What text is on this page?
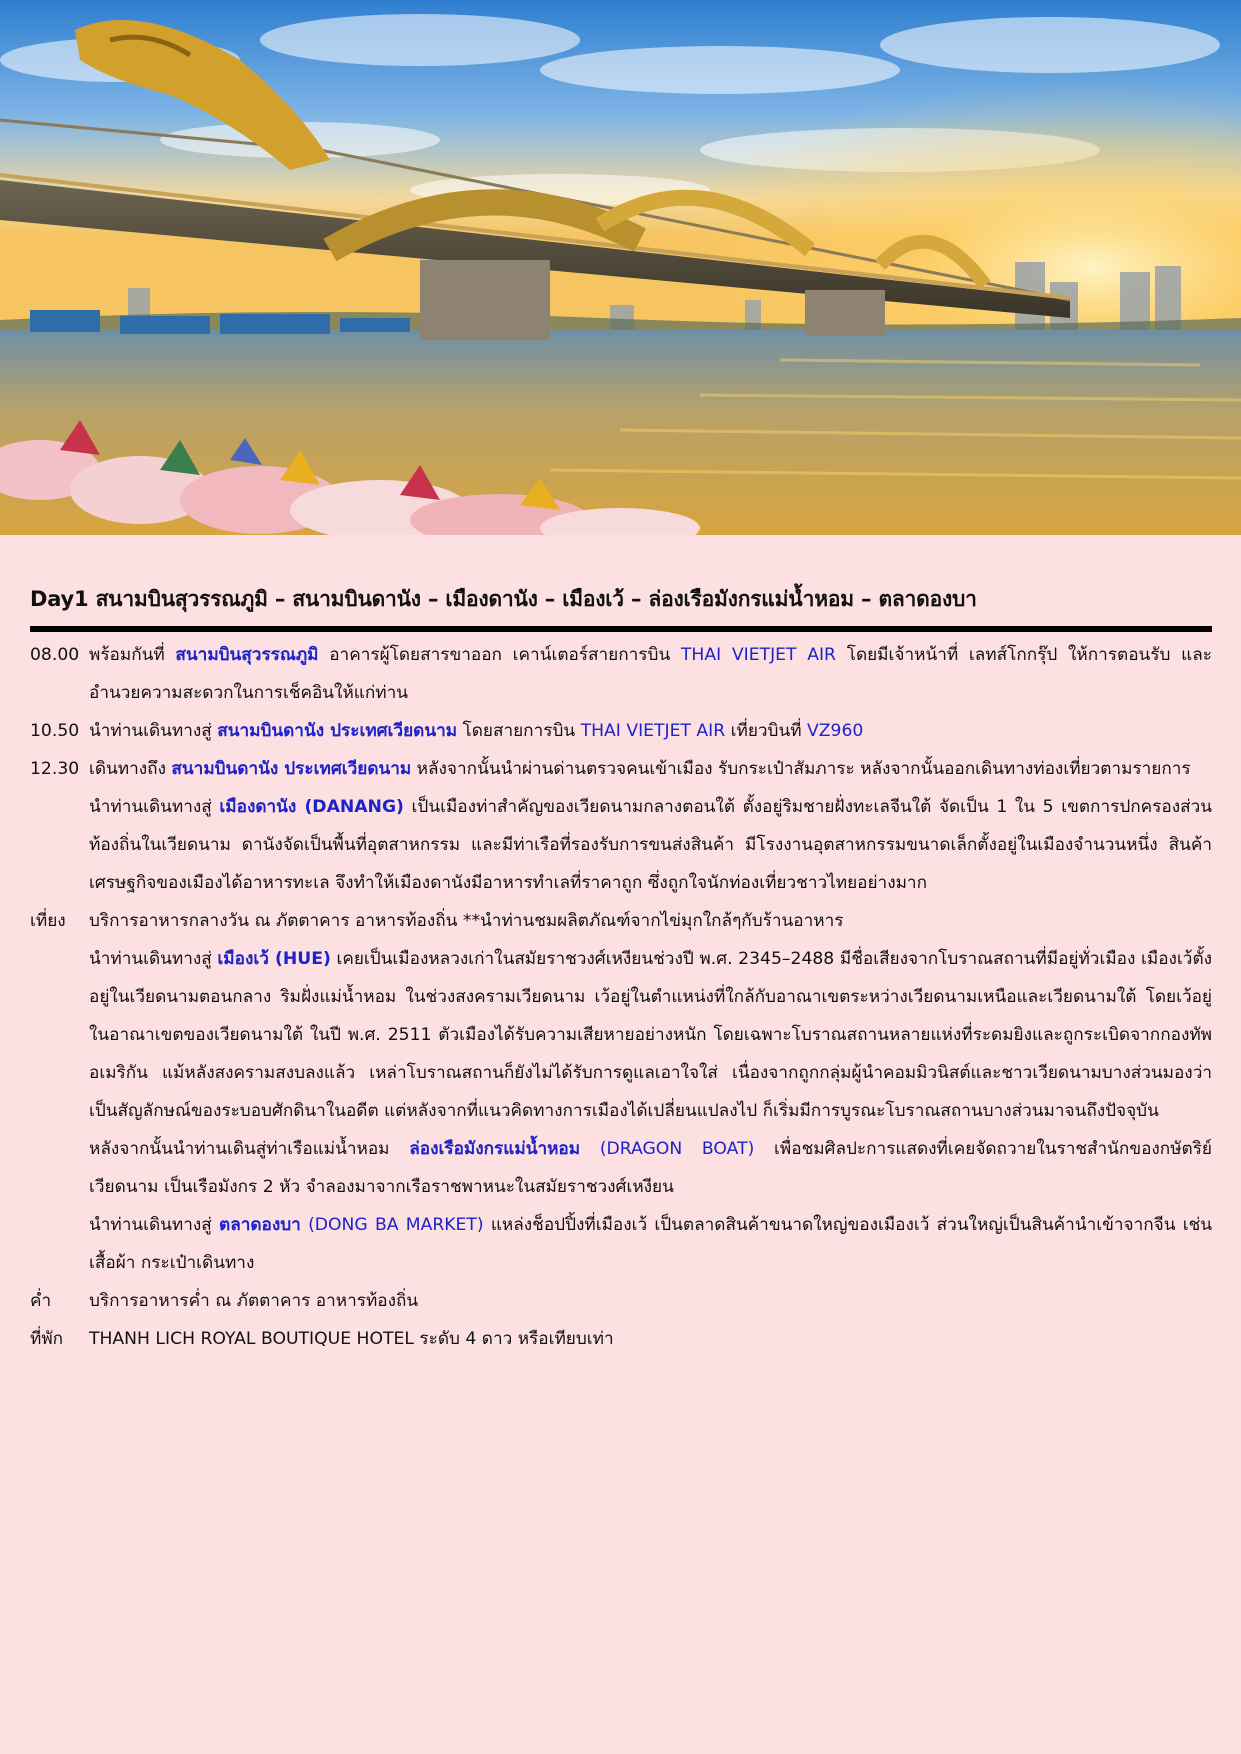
Day1 สนามบินสุวรรณภูมิ – สนามบินดานัง – เมืองดานัง – เมืองเว้ – ล่องเรือมังกรแม่น้ำหอม – ตลาดองบา
08.00 พร้อมกันที่ สนามบินสุวรรณภูมิ อาคารผู้โดยสารขาออก เคาน์เตอร์สายการบิน THAI VIETJET AIR โดยมีเจ้าหน้าที่ เลทส์โกกรุ๊ป ให้การตอนรับ และ อำนวยความสะดวกในการเช็คอินให้แก่ท่าน
10.50 นำท่านเดินทางสู่ สนามบินดานัง ประเทศเวียดนาม โดยสายการบิน THAI VIETJET AIR เที่ยวบินที่ VZ960
12.30 เดินทางถึง สนามบินดานัง ประเทศเวียดนาม หลังจากนั้นนำผ่านด่านตรวจคนเข้าเมือง รับกระเป๋าสัมภาระ หลังจากนั้นออกเดินทางท่องเที่ยวตามรายการ
นำท่านเดินทางสู่ เมืองดานัง (DANANG) เป็นเมืองท่าสำคัญของเวียดนามกลางตอนใต้ ตั้งอยู่ริมชายฝั่งทะเลจีนใต้ จัดเป็น 1 ใน 5 เขตการปกครองส่วนท้องถิ่นในเวียดนาม ดานังจัดเป็นพื้นที่อุตสาหกรรม และมีท่าเรือที่รองรับการขนส่งสินค้า มีโรงงานอุตสาหกรรมขนาดเล็กตั้งอยู่ในเมืองจำนวนหนึ่ง สินค้าเศรษฐกิจของเมืองได้อาหารทะเล จึงทำให้เมืองดานังมีอาหารทำเลที่ราคาถูก ซึ่งถูกใจนักท่องเที่ยวชาวไทยอย่างมาก
เที่ยง	บริการอาหารกลางวัน ณ ภัตตาคาร อาหารท้องถิ่น **นำท่านชมผลิตภัณฑ์จากไข่มุกใกล้ๆกับร้านอาหาร
นำท่านเดินทางสู่ เมืองเว้ (HUE) เคยเป็นเมืองหลวงเก่าในสมัยราชวงศ์เหงียนช่วงปี พ.ศ. 2345–2488 มีชื่อเสียงจากโบราณสถานที่มีอยู่ทั่วเมือง เมืองเว้ตั้งอยู่ในเวียดนามตอนกลาง ริมฝั่งแม่น้ำหอม ในช่วงสงครามเวียดนาม เว้อยู่ในตำแหน่งที่ใกล้กับอาณาเขตระหว่างเวียดนามเหนือและเวียดนามใต้ โดยเว้อยู่ในอาณาเขตของเวียดนามใต้ ในปี พ.ศ. 2511 ตัวเมืองได้รับความเสียหายอย่างหนัก โดยเฉพาะโบราณสถานหลายแห่งที่ระดมยิงและถูกระเบิดจากกองทัพอเมริกัน แม้หลังสงครามสงบลงแล้ว เหล่าโบราณสถานก็ยังไม่ได้รับการดูแลเอาใจใส่ เนื่องจากถูกกลุ่มผู้นำคอมมิวนิสต์และชาวเวียดนามบางส่วนมองว่าเป็นสัญลักษณ์ของระบอบศักดินาในอดีต แต่หลังจากที่แนวคิดทางการเมืองได้เปลี่ยนแปลงไป ก็เริ่มมีการบูรณะโบราณสถานบางส่วนมาจนถึงปัจจุบัน
หลังจากนั้นนำท่านเดินสู่ท่าเรือแม่น้ำหอม ล่องเรือมังกรแม่น้ำหอม (DRAGON BOAT) เพื่อชมศิลปะการแสดงที่เคยจัดถวายในราชสำนักของกษัตริย์เวียดนาม เป็นเรือมังกร 2 หัว จำลองมาจากเรือราชพาหนะในสมัยราชวงศ์เหงียน
นำท่านเดินทางสู่ ตลาดองบา (DONG BA MARKET) แหล่งช็อปปิ้งที่เมืองเว้ เป็นตลาดสินค้าขนาดใหญ่ของเมืองเว้ ส่วนใหญ่เป็นสินค้านำเข้าจากจีน เช่นเสื้อผ้า กระเป๋าเดินทาง
ค่ำ	บริการอาหารค่ำ ณ ภัตตาคาร อาหารท้องถิ่น
ที่พัก	THANH LICH ROYAL BOUTIQUE HOTEL ระดับ 4 ดาว หรือเทียบเท่า
